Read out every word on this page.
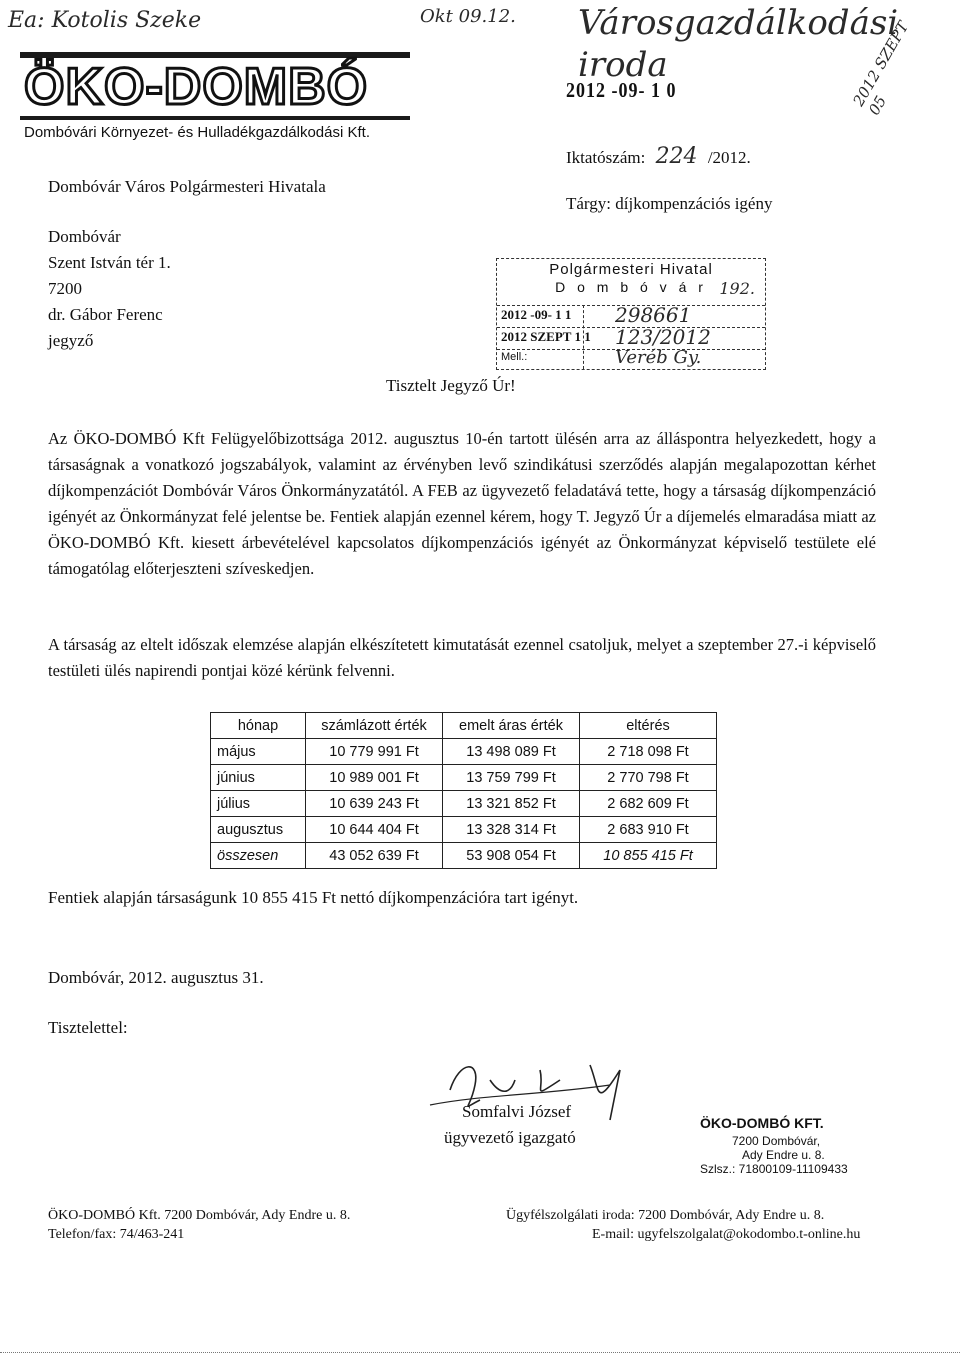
Ea: Kotolis Szeke	Okt 09.12.	Városgazdálkodási iroda	2012 SZEPT 05
2012 -09- 1 0
ÖKO-DOMBÓ
Dombóvári Környezet- és Hulladékgazdálkodási Kft.
Dombóvár Város Polgármesteri Hivatala
Dombóvár
Szent István tér 1.
7200
dr. Gábor Ferenc
jegyző
Iktatószám: 224 /2012.
Tárgy: díjkompenzációs igény
Polgármesteri Hivatal
D o m b ó v á r 192.
2012 -09- 1 1 298661
2012 SZEPT 1 1 123/2012
Mell.:	Veréb Gy.
Tisztelt Jegyző Úr!
Az ÖKO-DOMBÓ Kft Felügyelőbizottsága 2012. augusztus 10-én tartott ülésén arra az álláspontra helyezkedett, hogy a társaságnak a vonatkozó jogszabályok, valamint az érvényben levő szindikátusi szerződés alapján megalapozottan kérhet díjkompenzációt Dombóvár Város Önkormányzatától. A FEB az ügyvezető feladatává tette, hogy a társaság díjkompenzáció igényét az Önkormányzat felé jelentse be. Fentiek alapján ezennel kérem, hogy T. Jegyző Úr a díjemelés elmaradása miatt az ÖKO-DOMBÓ Kft. kiesett árbevételével kapcsolatos díjkompenzációs igényét az Önkormányzat képviselő testülete elé támogatólag előterjeszteni szíveskedjen.
A társaság az eltelt időszak elemzése alapján elkészítetett kimutatását ezennel csatoljuk, melyet a szeptember 27.-i képviselő testületi ülés napirendi pontjai közé kérünk felvenni.
hónap	számlázott érték	emelt áras érték	eltérés
május	10 779 991 Ft	13 498 089 Ft	2 718 098 Ft
június	10 989 001 Ft	13 759 799 Ft	2 770 798 Ft
július	10 639 243 Ft	13 321 852 Ft	2 682 609 Ft
augusztus	10 644 404 Ft	13 328 314 Ft	2 683 910 Ft
összesen	43 052 639 Ft	53 908 054 Ft	10 855 415 Ft
Fentiek alapján társaságunk 10 855 415 Ft nettó díjkompenzációra tart igényt.
Dombóvár, 2012. augusztus 31.
Tisztelettel:
Somfalvi József
ügyvezető igazgató
ÖKO-DOMBÓ KFT.
7200 Dombóvár,
Ady Endre u. 8.
Szlsz.: 71800109-11109433
ÖKO-DOMBÓ Kft. 7200 Dombóvár, Ady Endre u. 8.
Telefon/fax: 74/463-241
Ügyfélszolgálati iroda: 7200 Dombóvár, Ady Endre u. 8.
E-mail: ugyfelszolgalat@okodombo.t-online.hu
